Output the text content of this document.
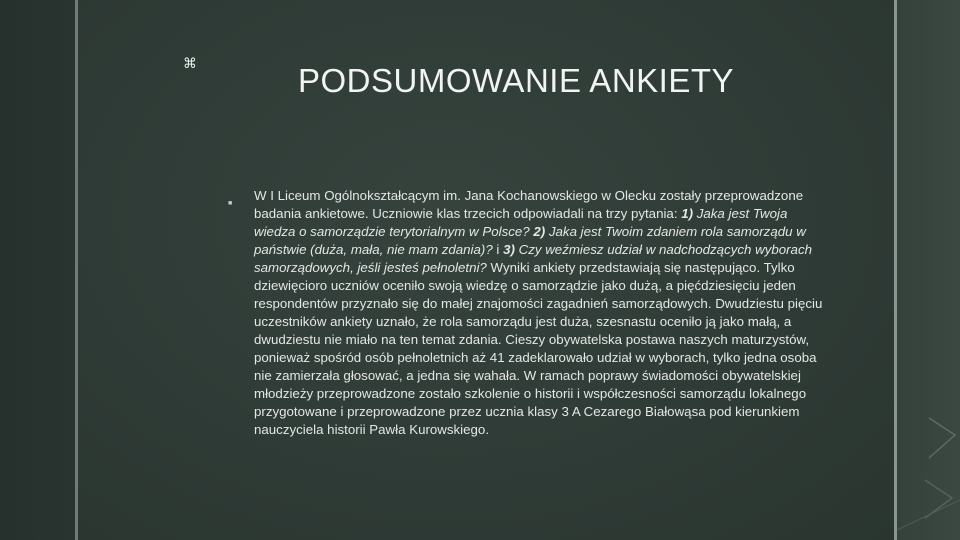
⌘	PODSUMOWANIE ANKIETY
■

W I Liceum Ogólnokształcącym im. Jana Kochanowskiego w Olecku zostały przeprowadzone badania ankietowe. Uczniowie klas trzecich odpowiadali na trzy pytania: 1) Jaka jest Twoja wiedza o samorządzie terytorialnym w Polsce? 2) Jaka jest Twoim zdaniem rola samorządu w państwie (duża, mała, nie mam zdania)? i 3) Czy weźmiesz udział w nadchodzących wyborach samorządowych, jeśli jesteś pełnoletni? Wyniki ankiety przedstawiają się następująco. Tylko dziewięcioro uczniów oceniło swoją wiedzę o samorządzie jako dużą, a pięćdziesięciu jeden respondentów przyznało się do małej znajomości zagadnień samorządowych. Dwudziestu pięciu uczestników ankiety uznało, że rola samorządu jest duża, szesnastu oceniło ją jako małą, a dwudziestu nie miało na ten temat zdania. Cieszy obywatelska postawa naszych maturzystów, ponieważ spośród osób pełnoletnich aż 41 zadeklarowało udział w wyborach, tylko jedna osoba nie zamierzała głosować, a jedna się wahała. W ramach poprawy świadomości obywatelskiej młodzieży przeprowadzone zostało szkolenie o historii i współczesności samorządu lokalnego przygotowane i przeprowadzone przez ucznia klasy 3 A Cezarego Białowąsa pod kierunkiem nauczyciela historii Pawła Kurowskiego.
